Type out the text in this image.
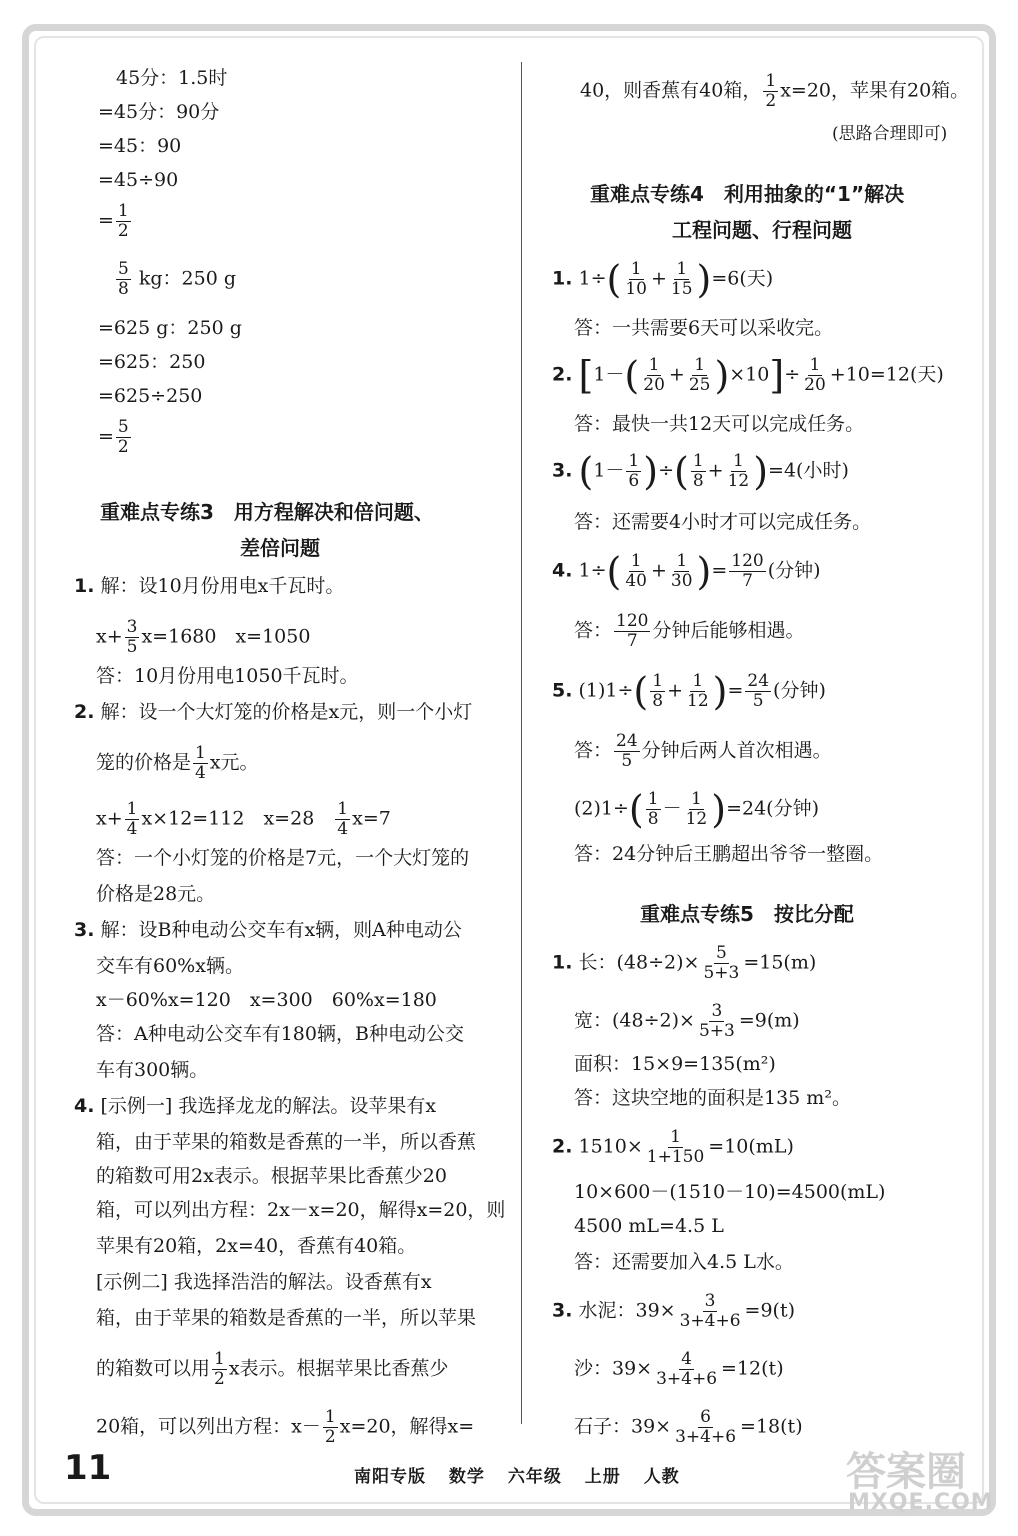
45分：1.5时
=45分：90分
=45：90
=45÷90
= $\frac{1}{2}$
$\frac{5}{8}$ kg：250 g
=625 g：250 g
=625：250
=625÷250
= $\frac{5}{2}$
重难点专练3　用方程解决和倍问题、
差倍问题
1. 解：设10月份用电x千瓦时。
$x+ \frac{3}{5} x=1680$　x=1050
答：10月份用电1050千瓦时。
2. 解：设一个大灯笼的价格是x元，则一个小灯
笼的价格是 $\frac{1}{4}$ x元。
$x+ \frac{1}{4} x\times 12=112$　x=28　 $\frac{1}{4} x=7$
答：一个小灯笼的价格是7元，一个大灯笼的
价格是28元。
3. 解：设B种电动公交车有x辆，则A种电动公
交车有60%x辆。
x－60%x=120　x=300　60%x=180
答：A种电动公交车有180辆，B种电动公交
车有300辆。
4. [示例一] 我选择龙龙的解法。设苹果有x
箱，由于苹果的箱数是香蕉的一半，所以香蕉
的箱数可用2x表示。根据苹果比香蕉少20
箱，可以列出方程：2x－x=20，解得x=20，则
苹果有20箱，2x=40，香蕉有40箱。
[示例二] 我选择浩浩的解法。设香蕉有x
箱，由于苹果的箱数是香蕉的一半，所以苹果
的箱数可以用 $\frac{1}{2}$ x表示。根据苹果比香蕉少
20箱，可以列出方程：$x- \frac{1}{2} x=20$，解得x=
40，则香蕉有40箱， $\frac{1}{2} x=20$，苹果有20箱。
(思路合理即可)
重难点专练4　利用抽象的“1”解决
工程问题、行程问题
1. $1\div( \frac{1}{10} + \frac{1}{15} )=6$(天)
答：一共需要6天可以采收完。
2. $[1-( \frac{1}{20} + \frac{1}{25} )\times 10]\div \frac{1}{20} +10=12$(天)
答：最快一共12天可以完成任务。
3. ($1- \frac{1}{6}$ )÷( $\frac{1}{8} + \frac{1}{12} )=4$(小时)
答：还需要4小时才可以完成任务。
4. $1\div( \frac{1}{40} + \frac{1}{30}$ )= $\frac{120}{7}$ (分钟)
答： $\frac{120}{7}$ 分钟后能够相遇。
5. $(1)1\div( \frac{1}{8} + \frac{1}{12}$ )= $\frac{24}{5}$ (分钟)
答： $\frac{24}{5}$ 分钟后两人首次相遇。
$(2)1\div( \frac{1}{8} - \frac{1}{12} )=24$(分钟)
答：24分钟后王鹏超出爷爷一整圈。
重难点专练5　按比分配
1. 长：$(48\div 2)\times \frac{5}{5+3} =15(m)$
宽：$(48\div 2)\times \frac{3}{5+3} =9(m)$
面积：15×9=135(m²)
答：这块空地的面积是135 m²。
2. $1510\times \frac{1}{1+150} =10(mL)$
10×600－(1510－10)=4500(mL)
4500 mL=4.5 L
答：还需要加入4.5 L水。
3. 水泥：$39\times \frac{3}{3+4+6} =9(t)$
沙：$39\times \frac{4}{3+4+6} =12(t)$
石子：$39\times \frac{6}{3+4+6} =18(t)$
11	南阳专版 数学 六年级 上册 人教	答案圈
MXQE.COM
